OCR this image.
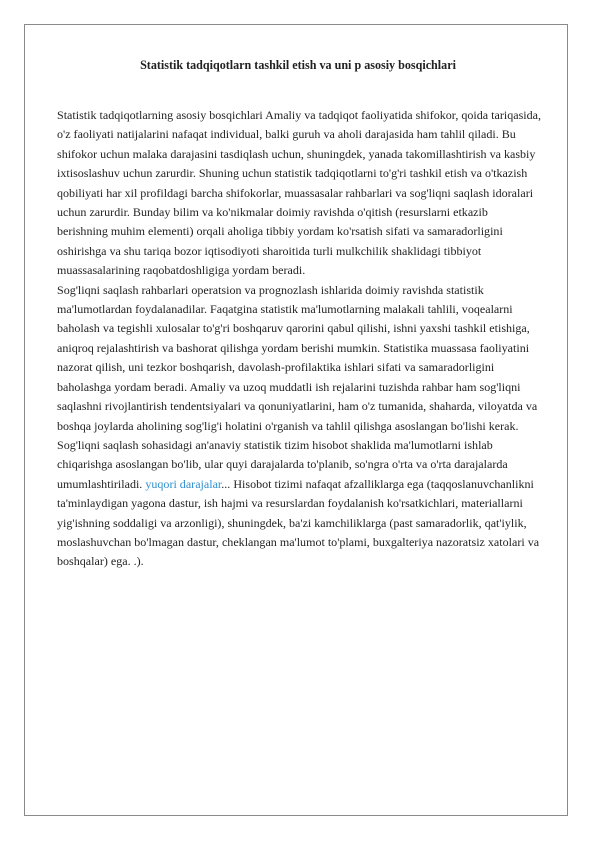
Statistik tadqiqotlarn tashkil etish va uni p asosiy bosqichlari

Statistik tadqiqotlarning asosiy bosqichlari Amaliy va tadqiqot faoliyatida shifokor, qoida tariqasida, o'z faoliyati natijalarini nafaqat individual, balki guruh va aholi darajasida ham tahlil qiladi. Bu shifokor uchun malaka darajasini tasdiqlash uchun, shuningdek, yanada takomillashtirish va kasbiy ixtisoslashuv uchun zarurdir. Shuning uchun statistik tadqiqotlarni to'g'ri tashkil etish va o'tkazish qobiliyati har xil profildagi barcha shifokorlar, muassasalar rahbarlari va sog'liqni saqlash idoralari uchun zarurdir. Bunday bilim va ko'nikmalar doimiy ravishda o'qitish (resurslarni etkazib berishning muhim elementi) orqali aholiga tibbiy yordam ko'rsatish sifati va samaradorligini oshirishga va shu tariqa bozor iqtisodiyoti sharoitida turli mulkchilik shaklidagi tibbiyot muassasalarining raqobatdoshligiga yordam beradi.

Sog'liqni saqlash rahbarlari operatsion va prognozlash ishlarida doimiy ravishda statistik ma'lumotlardan foydalanadilar. Faqatgina statistik ma'lumotlarning malakali tahlili, voqealarni baholash va tegishli xulosalar to'g'ri boshqaruv qarorini qabul qilishi, ishni yaxshi tashkil etishiga, aniqroq rejalashtirish va bashorat qilishga yordam berishi mumkin. Statistika muassasa faoliyatini nazorat qilish, uni tezkor boshqarish, davolash-profilaktika ishlari sifati va samaradorligini baholashga yordam beradi. Amaliy va uzoq muddatli ish rejalarini tuzishda rahbar ham sog'liqni saqlashni rivojlantirish tendentsiyalari va qonuniyatlarini, ham o'z tumanida, shaharda, viloyatda va boshqa joylarda aholining sog'lig'i holatini o'rganish va tahlil qilishga asoslangan bo'lishi kerak.

Sog'liqni saqlash sohasidagi an'anaviy statistik tizim hisobot shaklida ma'lumotlarni ishlab chiqarishga asoslangan bo'lib, ular quyi darajalarda to'planib, so'ngra o'rta va o'rta darajalarda umumlashtiriladi. yuqori darajalar... Hisobot tizimi nafaqat afzalliklarga ega (taqqoslanuvchanlikni ta'minlaydigan yagona dastur, ish hajmi va resurslardan foydalanish ko'rsatkichlari, materiallarni yig'ishning soddaligi va arzonligi), shuningdek, ba'zi kamchiliklarga (past samaradorlik, qat'iylik, moslashuvchan bo'lmagan dastur, cheklangan ma'lumot to'plami, buxgalteriya nazoratsiz xatolari va boshqalar) ega. .).
